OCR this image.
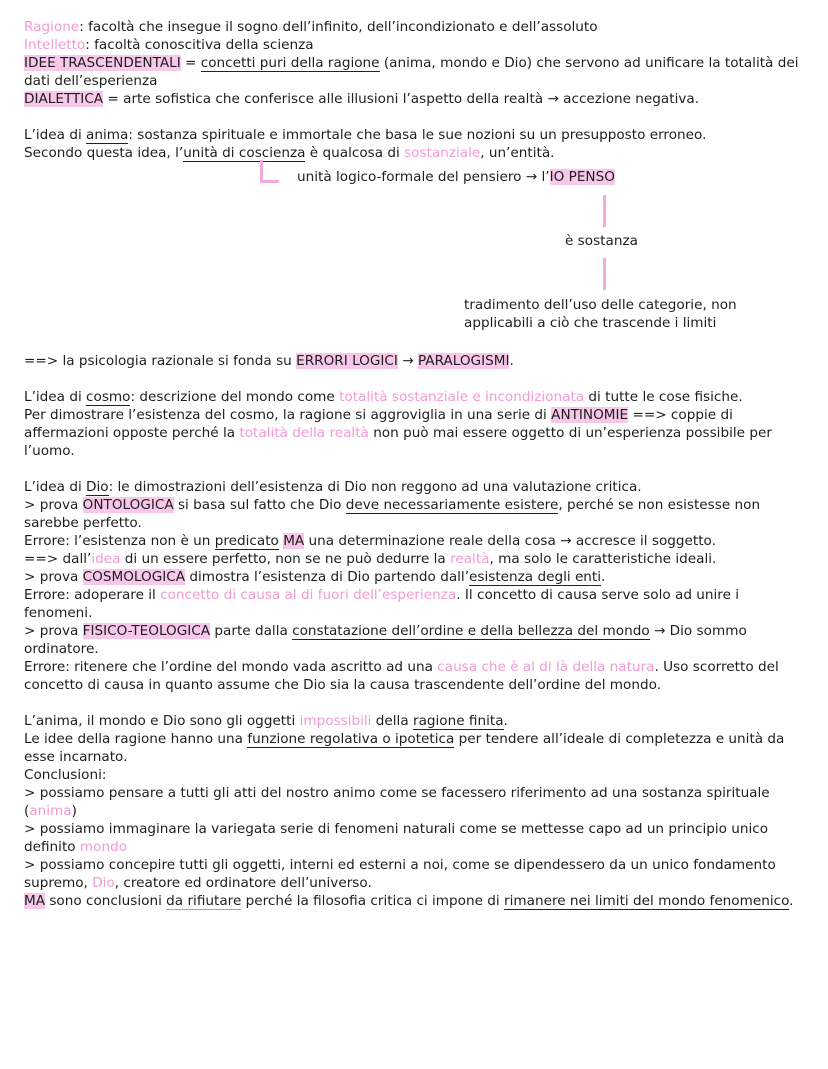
Ragione: facoltà che insegue il sogno dell’infinito, dell’incondizionato e dell’assoluto

Intelletto: facoltà conoscitiva della scienza

IDEE TRASCENDENTALI = concetti puri della ragione (anima, mondo e Dio) che servono ad unificare la totalità dei dati dell’esperienza

DIALETTICA = arte sofistica che conferisce alle illusioni l’aspetto della realtà → accezione negativa.

L’idea di anima: sostanza spirituale e immortale che basa le sue nozioni su un presupposto erroneo.

Secondo questa idea, l’unità di coscienza è qualcosa di sostanziale, un’entità.

unità logico-formale del pensiero → l’IO PENSO
è sostanza
tradimento dell’uso delle categorie, non applicabili a ciò che trascende i limiti

==> la psicologia razionale si fonda su ERRORI LOGICI → PARALOGISMI.

L’idea di cosmo: descrizione del mondo come totalità sostanziale e incondizionata di tutte le cose fisiche.

Per dimostrare l’esistenza del cosmo, la ragione si aggroviglia in una serie di ANTINOMIE ==> coppie di affermazioni opposte perché la totalità della realtà non può mai essere oggetto di un’esperienza possibile per l’uomo.

L’idea di Dio: le dimostrazioni dell’esistenza di Dio non reggono ad una valutazione critica.

> prova ONTOLOGICA si basa sul fatto che Dio deve necessariamente esistere, perché se non esistesse non sarebbe perfetto.

Errore: l’esistenza non è un predicato MA una determinazione reale della cosa → accresce il soggetto.

==> dall’idea di un essere perfetto, non se ne può dedurre la realtà, ma solo le caratteristiche ideali.

> prova COSMOLOGICA dimostra l’esistenza di Dio partendo dall’esistenza degli enti.

Errore: adoperare il concetto di causa al di fuori dell’esperienza. Il concetto di causa serve solo ad unire i fenomeni.

> prova FISICO-TEOLOGICA parte dalla constatazione dell’ordine e della bellezza del mondo → Dio sommo ordinatore.

Errore: ritenere che l’ordine del mondo vada ascritto ad una causa che è al di là della natura. Uso scorretto del concetto di causa in quanto assume che Dio sia la causa trascendente dell’ordine del mondo.

L’anima, il mondo e Dio sono gli oggetti impossibili della ragione finita.

Le idee della ragione hanno una funzione regolativa o ipotetica per tendere all’ideale di completezza e unità da esse incarnato.

Conclusioni:

> possiamo pensare a tutti gli atti del nostro animo come se facessero riferimento ad una sostanza spirituale (anima)

> possiamo immaginare la variegata serie di fenomeni naturali come se mettesse capo ad un principio unico definito mondo

> possiamo concepire tutti gli oggetti, interni ed esterni a noi, come se dipendessero da un unico fondamento supremo, Dio, creatore ed ordinatore dell’universo.

MA sono conclusioni da rifiutare perché la filosofia critica ci impone di rimanere nei limiti del mondo fenomenico.
